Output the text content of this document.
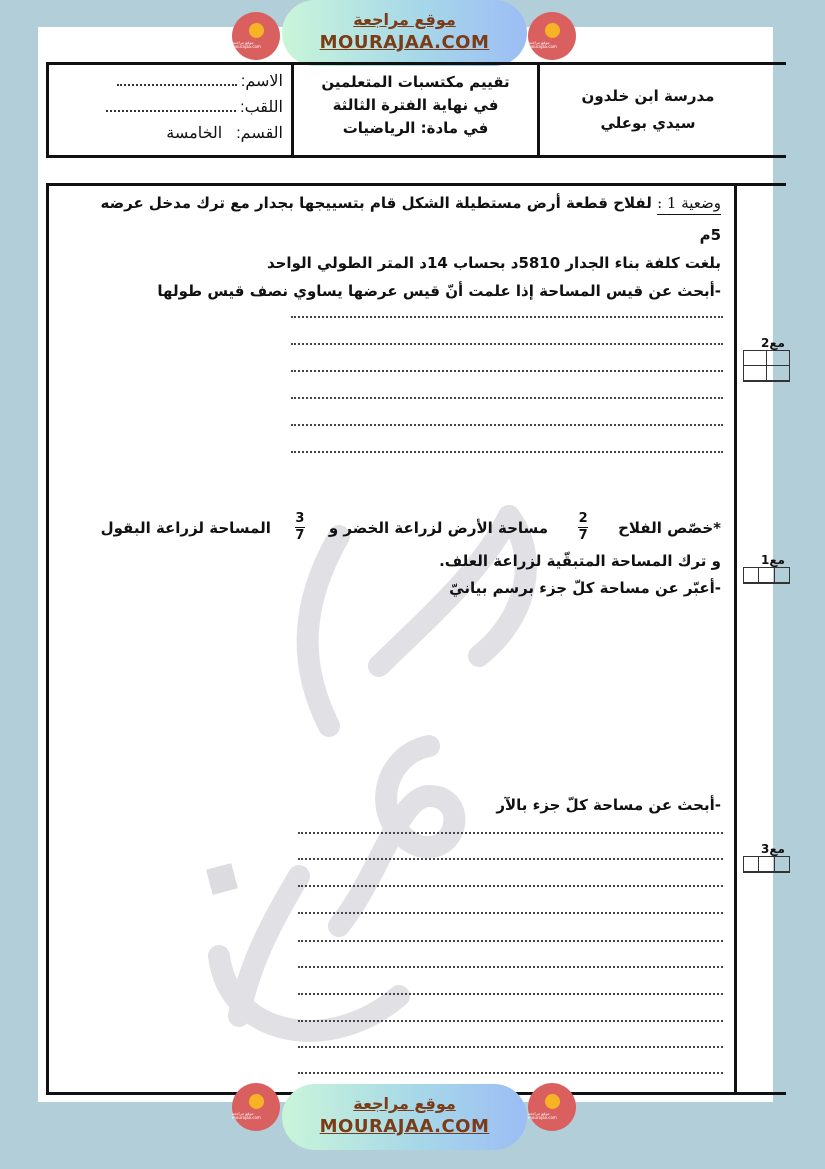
موقع مراجعة mourajaa.com
موقع مراجعة
MOURAJAA.COM	موقع مراجعة mourajaa.com
الاسم:
اللقب:
القسم:
الخامسة
تقييم مكتسبات المتعلمين
في نهاية الفترة الثالثة
في مادة: الرياضيات
مدرسة ابن خلدون
سيدي بوعلي
وضعية 1 : لفلاح قطعة أرض مستطيلة الشكل قام بتسييجها بجدار مع ترك مدخل عرضه
5م
بلغت كلفة بناء الجدار 5810د بحساب 14د المتر الطولي الواحد
-أبحث عن قيس المساحة إذا علمت أنّ قيس عرضها يساوي نصف قيس طولها
*خصّص الفلاح
$\frac{2}{7}$
مساحة الأرض لزراعة الخضر و
$\frac{3}{7}$
المساحة لزراعة البقول
و ترك المساحة المتبقّية لزراعة العلف.
-أعبّر عن مساحة كلّ جزء برسم بيانيّ
-أبحث عن مساحة كلّ جزء بالآر
مع2
مع1
مع3
موقع مراجعة mourajaa.com
موقع مراجعة
MOURAJAA.COM
موقع مراجعة mourajaa.com
